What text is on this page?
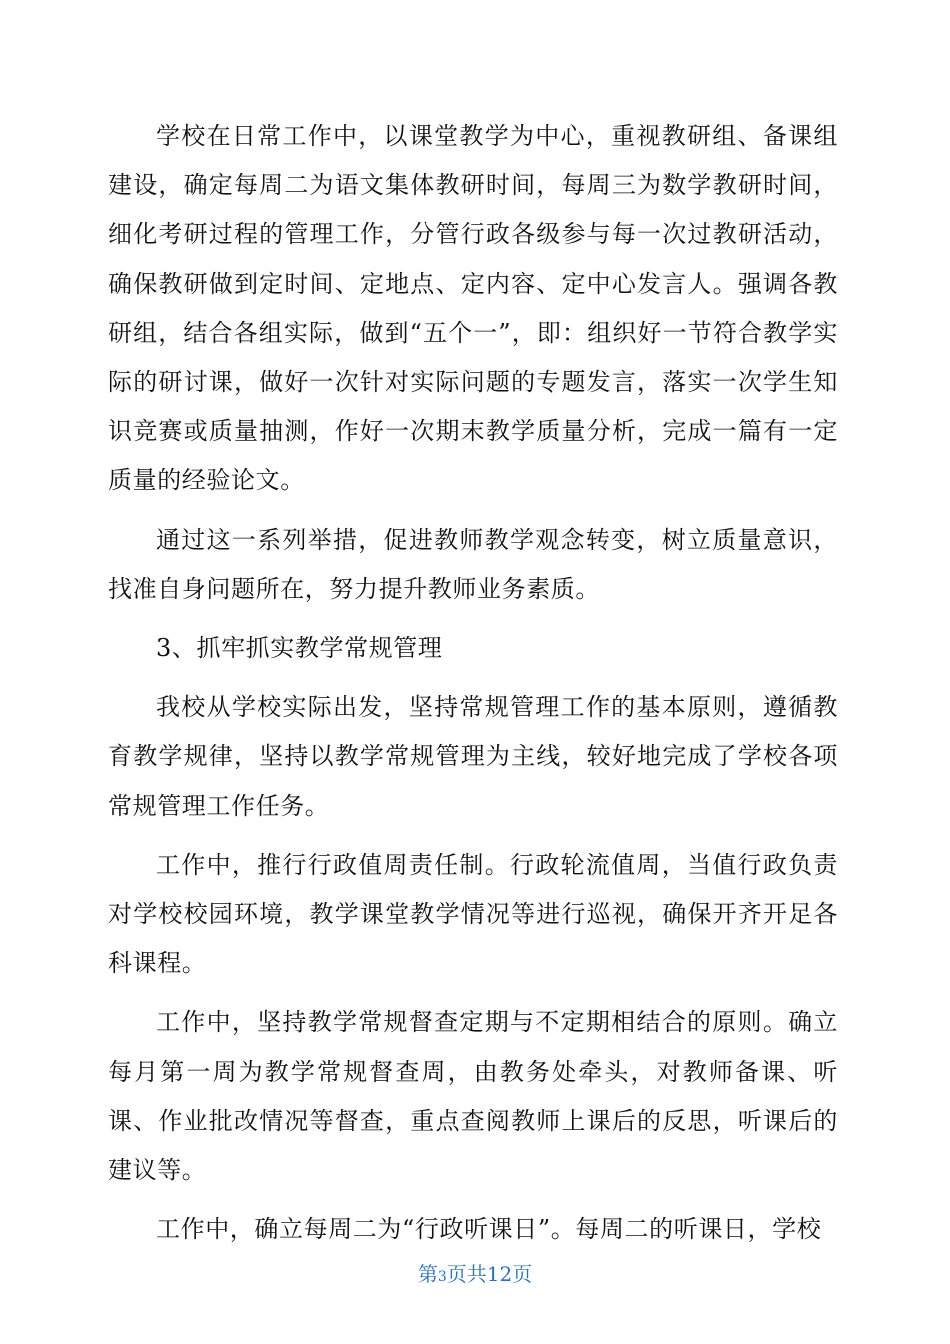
学校在日常工作中，以课堂教学为中心，重视教研组、备课组建设，确定每周二为语文集体教研时间，每周三为数学教研时间，细化考研过程的管理工作，分管行政各级参与每一次过教研活动，确保教研做到定时间、定地点、定内容、定中心发言人。强调各教研组，结合各组实际，做到“五个一”，即：组织好一节符合教学实际的研讨课，做好一次针对实际问题的专题发言，落实一次学生知识竞赛或质量抽测，作好一次期末教学质量分析，完成一篇有一定质量的经验论文。

通过这一系列举措，促进教师教学观念转变，树立质量意识，找准自身问题所在，努力提升教师业务素质。

3、抓牢抓实教学常规管理

我校从学校实际出发，坚持常规管理工作的基本原则，遵循教育教学规律，坚持以教学常规管理为主线，较好地完成了学校各项常规管理工作任务。

工作中，推行行政值周责任制。行政轮流值周，当值行政负责对学校校园环境，教学课堂教学情况等进行巡视，确保开齐开足各科课程。

工作中，坚持教学常规督查定期与不定期相结合的原则。确立每月第一周为教学常规督查周，由教务处牵头，对教师备课、听课、作业批改情况等督查，重点查阅教师上课后的反思，听课后的建议等。

工作中，确立每周二为“行政听课日”。每周二的听课日，学校

第3页共12页
